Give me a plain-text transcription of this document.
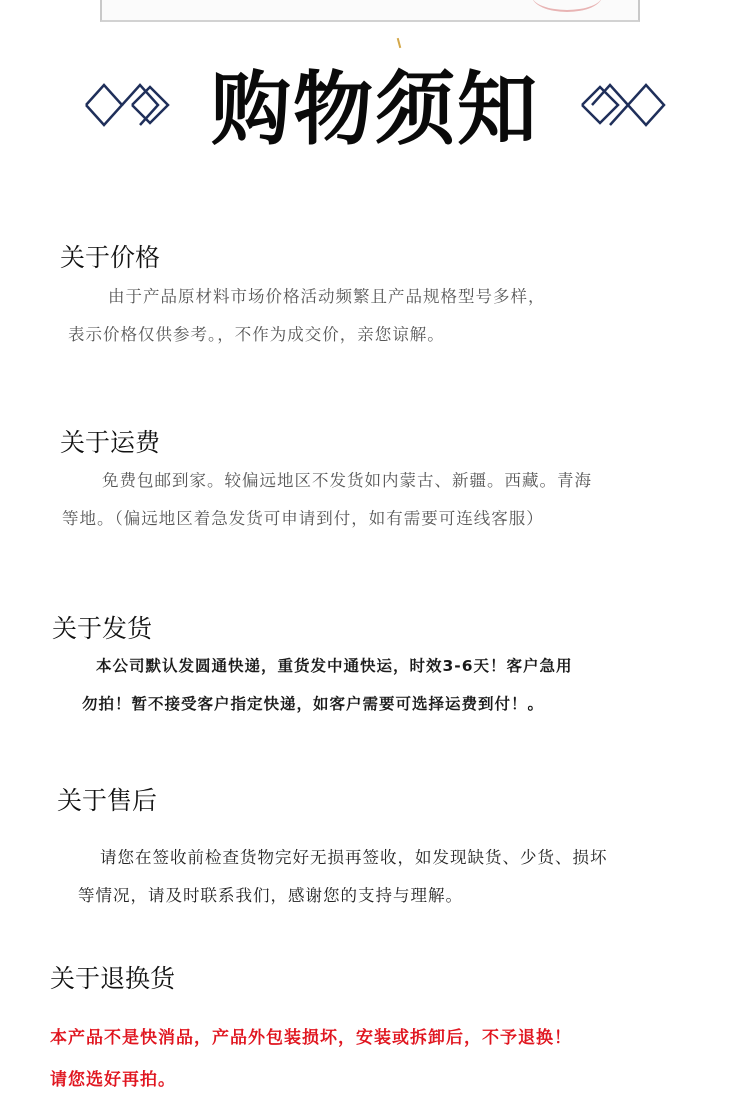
购物须知
关于价格
由于产品原材料市场价格活动频繁且产品规格型号多样，
表示价格仅供参考。，不作为成交价，亲您谅解。
关于运费
免费包邮到家。较偏远地区不发货如内蒙古、新疆。西藏。青海
等地。（偏远地区着急发货可申请到付，如有需要可连线客服）
关于发货
本公司默认发圆通快递，重货发中通快运，时效3-6天！客户急用
勿拍！暂不接受客户指定快递，如客户需要可选择运费到付！。
关于售后
请您在签收前检查货物完好无损再签收，如发现缺货、少货、损坏
等情况，请及时联系我们，感谢您的支持与理解。
关于退换货
本产品不是快消品，产品外包装损坏，安装或拆卸后，不予退换！
请您选好再拍。
